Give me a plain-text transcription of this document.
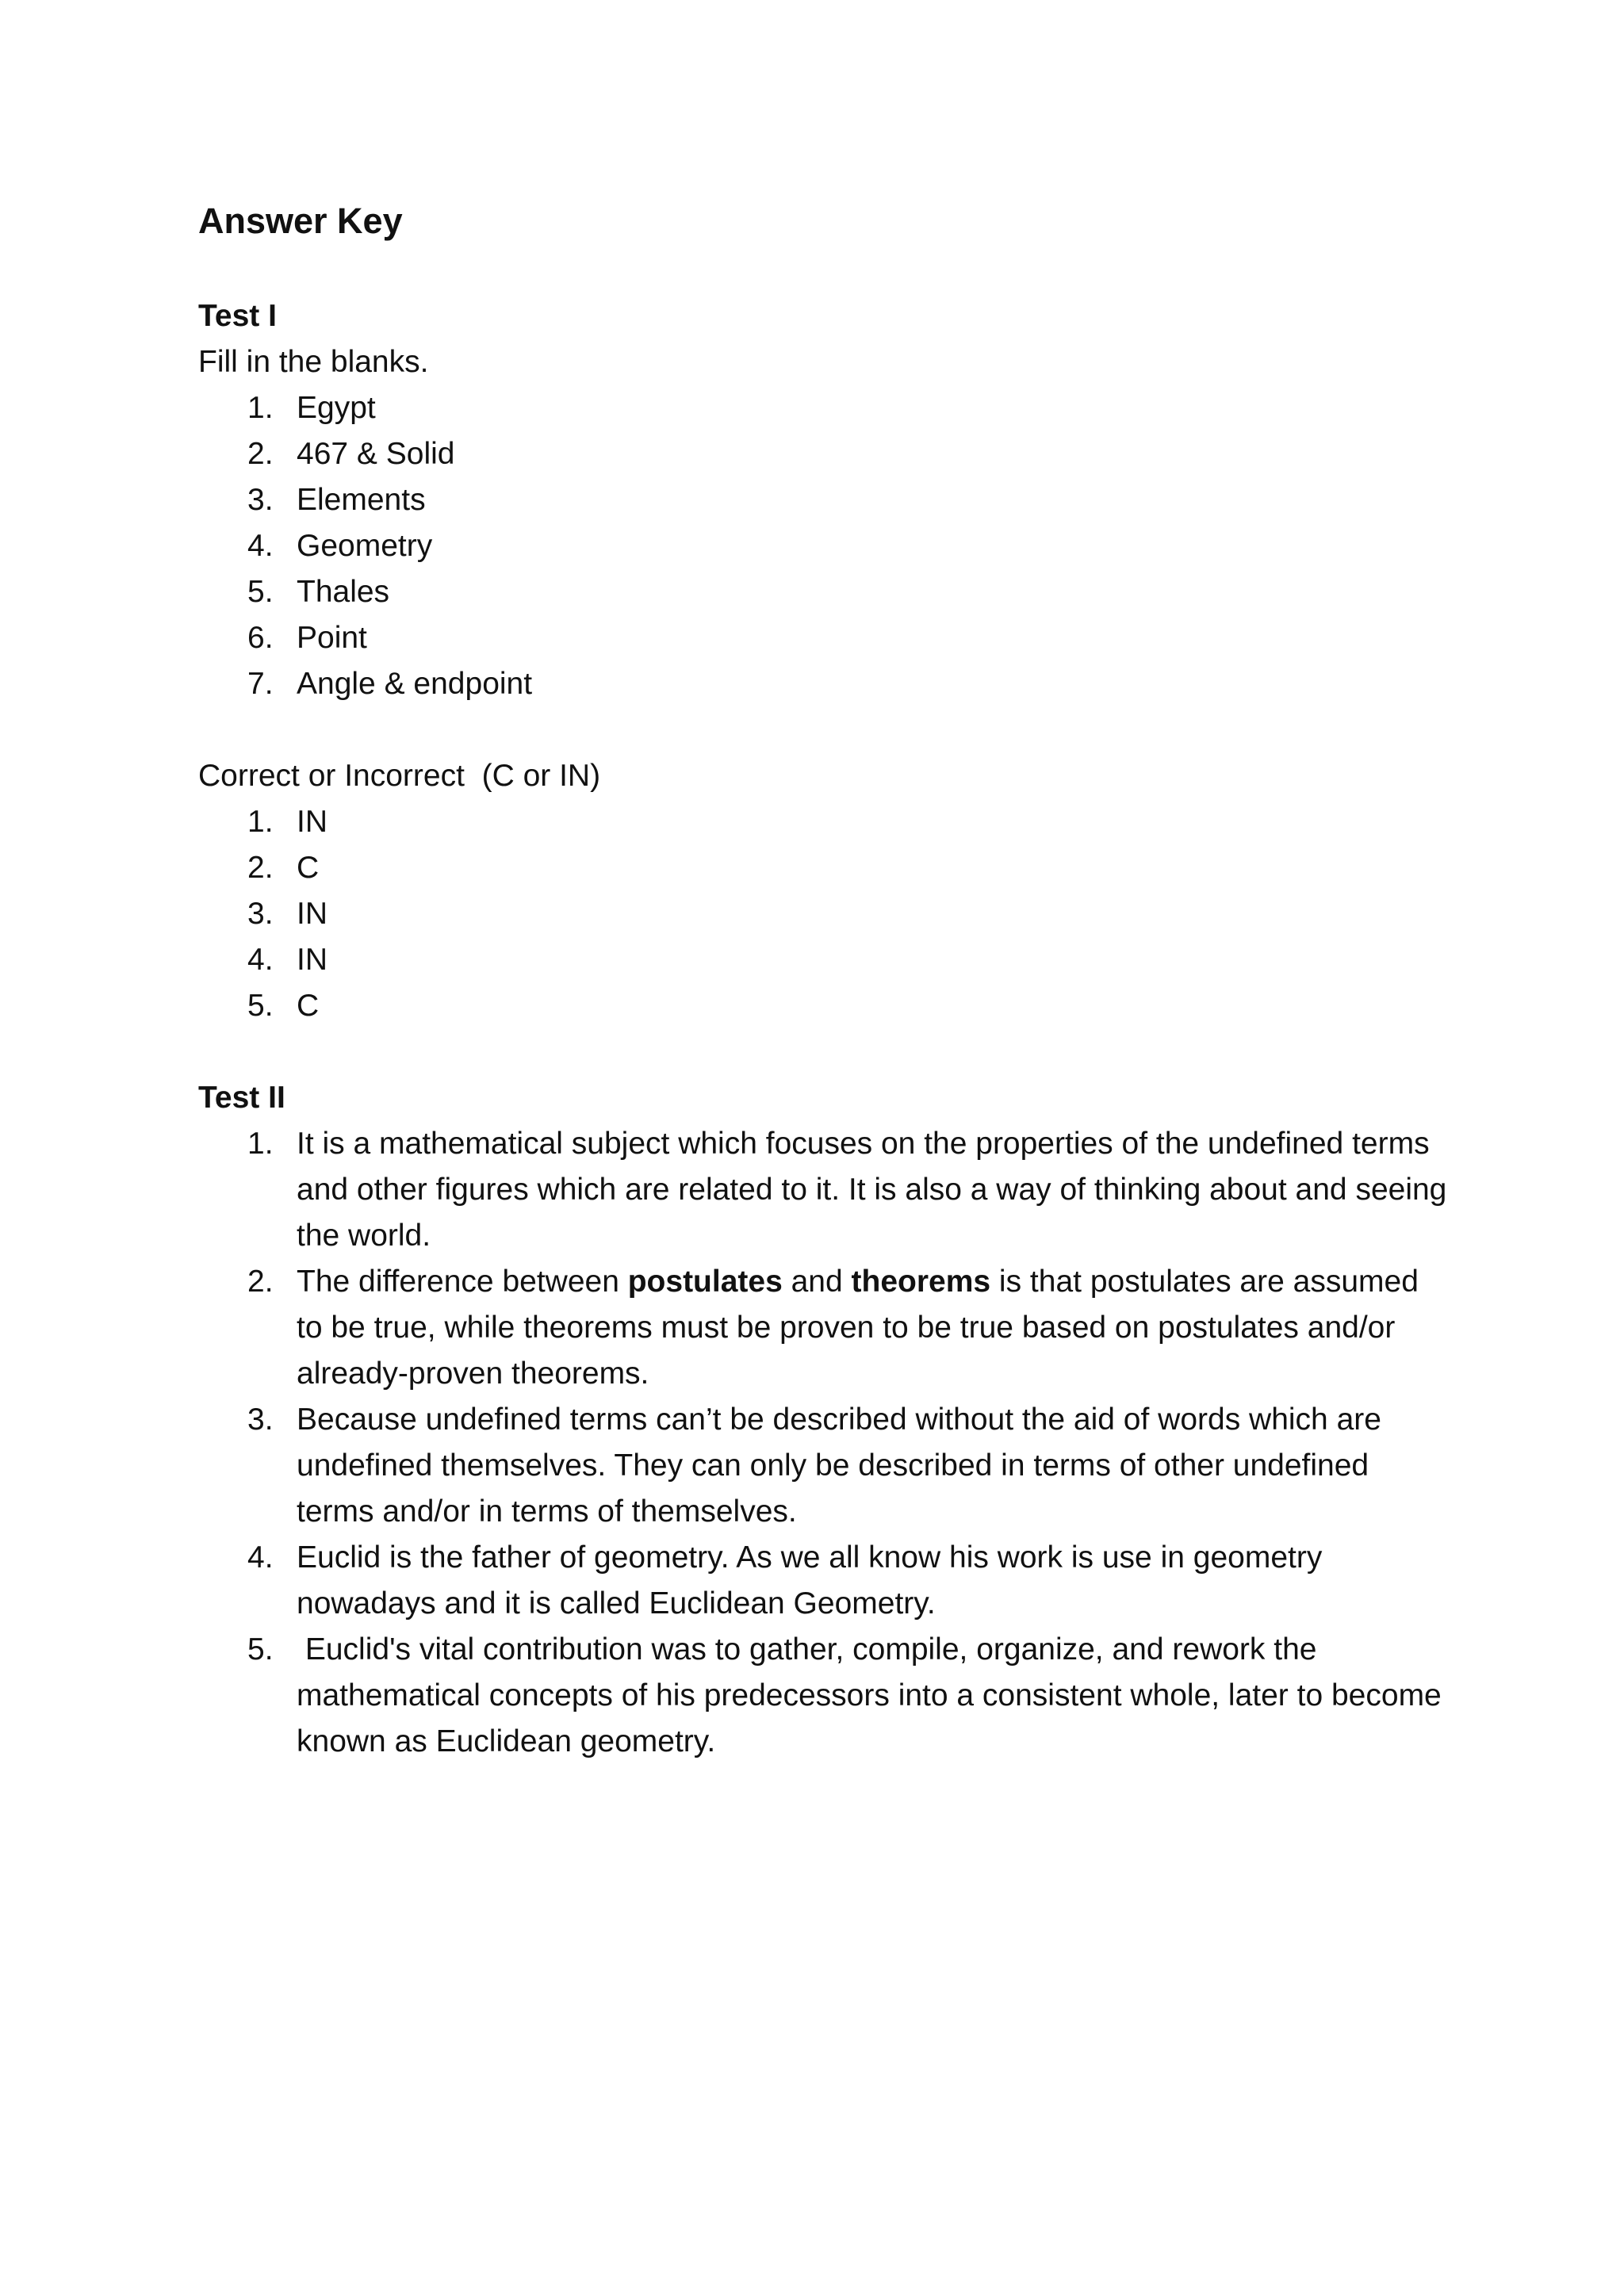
Answer Key
Test I
Fill in the blanks.
1. Egypt
2. 467 & Solid
3. Elements
4. Geometry
5. Thales
6. Point
7. Angle & endpoint
Correct or Incorrect  (C or IN)
1. IN
2. C
3. IN
4. IN
5. C
Test II
1. It is a mathematical subject which focuses on the properties of the undefined terms and other figures which are related to it. It is also a way of thinking about and seeing the world.
2. The difference between postulates and theorems is that postulates are assumed to be true, while theorems must be proven to be true based on postulates and/or already-proven theorems.
3. Because undefined terms can’t be described without the aid of words which are undefined themselves. They can only be described in terms of other undefined terms and/or in terms of themselves.
4. Euclid is the father of geometry. As we all know his work is use in geometry nowadays and it is called Euclidean Geometry.
5. Euclid's vital contribution was to gather, compile, organize, and rework the mathematical concepts of his predecessors into a consistent whole, later to become known as Euclidean geometry.
